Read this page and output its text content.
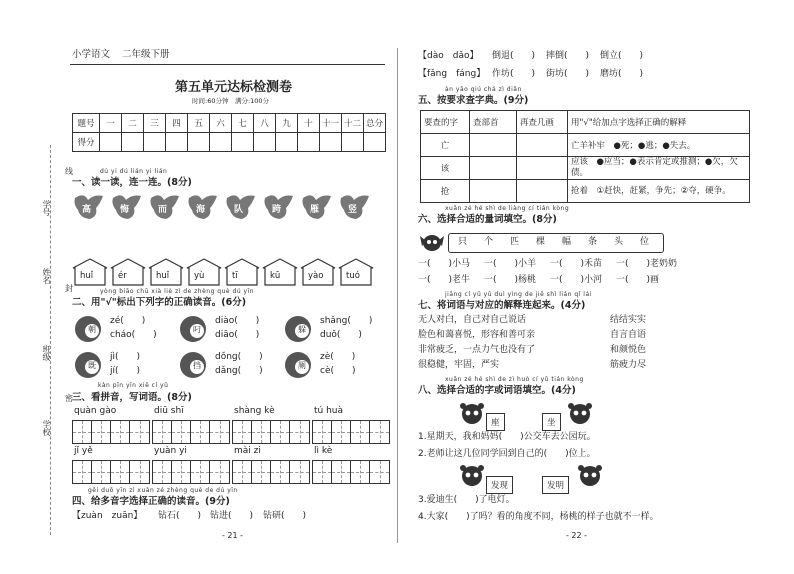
小学语文 二年级下册
第五单元达标检测卷
时间:60分钟　满分:100分
题号	一	二	三	四	五	六	七	八	九	十	十一	十二	总分
得分													
学号
姓名
班级
学校
线
封
密
dú yi dú lián yi lián
一、读一读，连一连。(8分)
高	悔	而	海	队	跨	雁	竖
huǐ	ér	huǐ	yù	tī	kū	yào	tuó
yòng biāo chū xià liè zì de zhèng què dú yīn
二、用"√"标出下列字的正确读音。(6分)
朝
zé(　　)
cháo(　　)
叼
diào(　　)
diāo(　　)
躲
shǎng(　　)
duǒ(　　)
既
jì(　　)
jí(　　)
挡
dǒng(　　)
dǎng(　　)
厕
zè(　　)
cè(　　)
kàn pīn yīn xiě cí yǔ
三、看拼音，写词语。(8分)
quàn gào	diū shī	shàng kè	tú huà
jǐ yě	yuàn yi	mài zi	lì kè
gěi duō yīn zì xuǎn zé zhèng què de dú yīn
四、给多音字选择正确的读音。(9分)
【zuàn　zuān】 钻石(　　) 钻进(　　) 钻研(　　)
- 21 -
【dào　dǎo】 倒退(　　) 摔倒(　　) 倒立(　　)
【fǎng　fáng】 作坊(　　) 街坊(　　) 磨坊(　　)
àn yāo qiú chá zì diǎn
五、按要求查字典。(9分)
要查的字	查部首	再查几画	用"√"给加点字选择正确的解释
亡			亡羊补牢　●死；●逃；●失去。
该			应该　●应当；●表示肯定或推测；●欠，欠债。
抢			抢着　①赶快，赶紧，争先；②夺，硬争。
xuǎn zé hé shì de liàng cí tián kòng
六、选择合适的量词填空。(8分)
只 个 匹 棵 幅 条 头 位
一(　　)小马 一(　　)小羊 一(　　)禾苗 一(　　)老奶奶
一(　　)老牛 一(　　)杨桃 一(　　)小河 一(　　)画
jiāng cí yǔ yǔ duì yìng de jiě shì lián qǐ lái
七、将词语与对应的解释连起来。(4分)
无人对白，自己对自己说话
脸色和蔼喜悦，形容和善可亲
非常疲乏，一点力气也没有了
很稳健，牢固，严实
结结实实
自言自语
和颜悦色
筋疲力尽
xuǎn zé hé shì de zì huò cí yǔ tián kòng
八、选择合适的字或词语填空。(4分)
座	坐
1.星期天，我和妈妈(　　)公交车去公园玩。
2.老师让这几位同学回到自己的(　　)位上。
发现	发明
3.爱迪生(　　)了电灯。
4.大家(　　)了吗？看的角度不同，杨桃的样子也就不一样。
- 22 -
